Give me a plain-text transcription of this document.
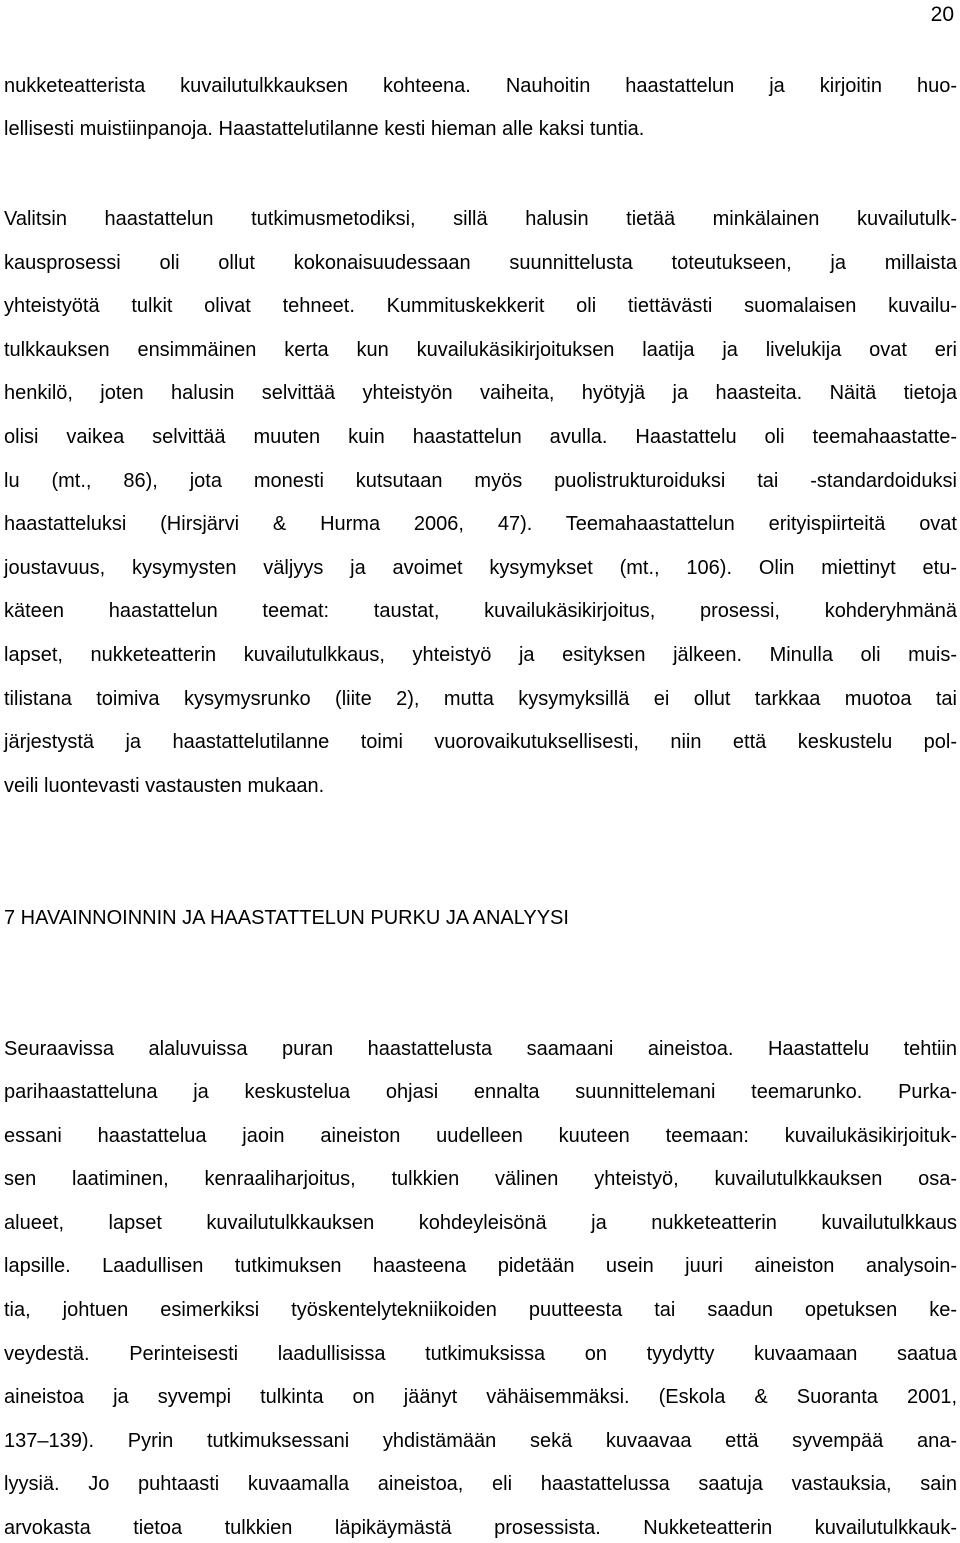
20
nukketeatterista kuvailutulkkauksen kohteena. Nauhoitin haastattelun ja kirjoitin huo-
lellisesti muistiinpanoja. Haastattelutilanne kesti hieman alle kaksi tuntia.
Valitsin haastattelun tutkimusmetodiksi, sillä halusin tietää minkälainen kuvailutulk-
kausprosessi oli ollut kokonaisuudessaan suunnittelusta toteutukseen, ja millaista
yhteistyötä tulkit olivat tehneet. Kummituskekkerit oli tiettävästi suomalaisen kuvailu-
tulkkauksen ensimmäinen kerta kun kuvailukäsikirjoituksen laatija ja livelukija ovat eri
henkilö, joten halusin selvittää yhteistyön vaiheita, hyötyjä ja haasteita. Näitä tietoja
olisi vaikea selvittää muuten kuin haastattelun avulla. Haastattelu oli teemahaastatte-
lu (mt., 86), jota monesti kutsutaan myös puolistrukturoiduksi tai -standardoiduksi
haastatteluksi (Hirsjärvi & Hurma 2006, 47). Teemahaastattelun erityispiirteitä ovat
joustavuus, kysymysten väljyys ja avoimet kysymykset (mt., 106). Olin miettinyt etu-
käteen haastattelun teemat: taustat, kuvailukäsikirjoitus, prosessi, kohderyhmänä
lapset, nukketeatterin kuvailutulkkaus, yhteistyö ja esityksen jälkeen. Minulla oli muis-
tilistana toimiva kysymysrunko (liite 2), mutta kysymyksillä ei ollut tarkkaa muotoa tai
järjestystä ja haastattelutilanne toimi vuorovaikutuksellisesti, niin että keskustelu pol-
veili luontevasti vastausten mukaan.
7 HAVAINNOINNIN JA HAASTATTELUN PURKU JA ANALYYSI
Seuraavissa alaluvuissa puran haastattelusta saamaani aineistoa. Haastattelu tehtiin
parihaastatteluna ja keskustelua ohjasi ennalta suunnittelemani teemarunko. Purka-
essani haastattelua jaoin aineiston uudelleen kuuteen teemaan: kuvailukäsikirjoituk-
sen laatiminen, kenraaliharjoitus, tulkkien välinen yhteistyö, kuvailutulkkauksen osa-
alueet, lapset kuvailutulkkauksen kohdeyleisönä ja nukketeatterin kuvailutulkkaus
lapsille. Laadullisen tutkimuksen haasteena pidetään usein juuri aineiston analysoin-
tia, johtuen esimerkiksi työskentelytekniikoiden puutteesta tai saadun opetuksen ke-
veydestä. Perinteisesti laadullisissa tutkimuksissa on tyydytty kuvaamaan saatua
aineistoa ja syvempi tulkinta on jäänyt vähäisemmäksi. (Eskola & Suoranta 2001,
137–139). Pyrin tutkimuksessani yhdistämään sekä kuvaavaa että syvempää ana-
lyysiä. Jo puhtaasti kuvaamalla aineistoa, eli haastattelussa saatuja vastauksia, sain
arvokasta tietoa tulkkien läpikäymästä prosessista. Nukketeatterin kuvailutulkkauk-
